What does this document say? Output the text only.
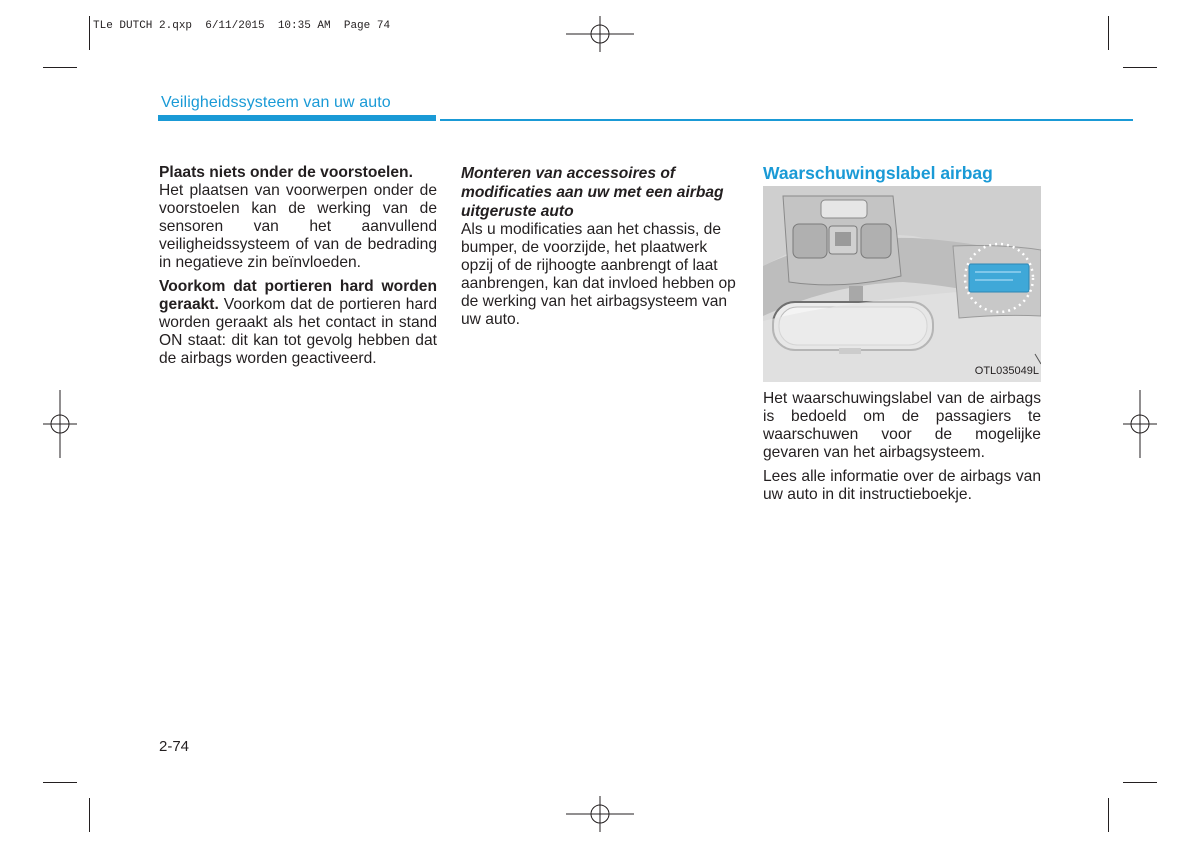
TLe DUTCH 2.qxp  6/11/2015  10:35 AM  Page 74
Veiligheidssysteem van uw auto

Plaats niets onder de voorstoelen.
Het plaatsen van voorwerpen onder de voorstoelen kan de werking van de sensoren van het aanvullend veiligheidssysteem of van de bedrading in negatieve zin beïnvloeden.

Voorkom dat portieren hard worden geraakt. Voorkom dat de portieren hard worden geraakt als het contact in stand ON staat: dit kan tot gevolg hebben dat de airbags worden geactiveerd.

Monteren van accessoires of modificaties aan uw met een airbag uitgeruste auto

Als u modificaties aan het chassis, de bumper, de voorzijde, het plaatwerk opzij of de rijhoogte aanbrengt of laat aanbrengen, kan dat invloed hebben op de werking van het airbagsysteem van uw auto.

Waarschuwingslabel airbag

OTL035049L

Het waarschuwingslabel van de airbags is bedoeld om de passagiers te waarschuwen voor de mogelijke gevaren van het airbagsysteem.

Lees alle informatie over de airbags van uw auto in dit instructieboekje.

2-74
